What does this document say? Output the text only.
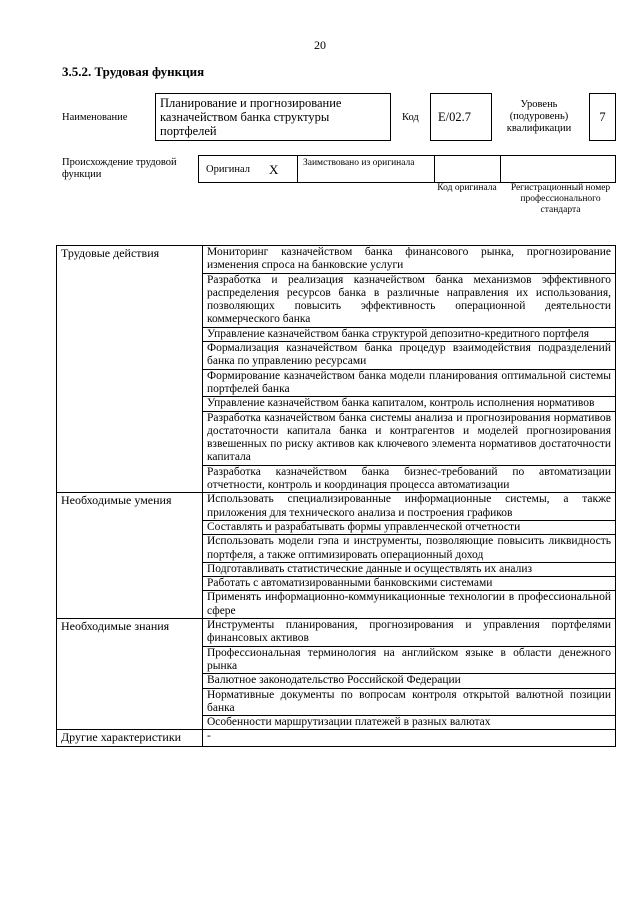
20
3.5.2. Трудовая функция
Наименование
Планирование и прогнозирование казначейством банка структуры портфелей
Код	E/02.7
Уровень (подуровень) квалификации
7
Происхождение трудовой функции	Оригинал X	Заимствовано из оригинала
Код оригинала	Регистрационный номер профессионального стандарта
Трудовые действия	Мониторинг казначейством банка финансового рынка, прогнозирование изменения спроса на банковские услуги
	Разработка и реализация казначейством банка механизмов эффективного распределения ресурсов банка в различные направления их использования, позволяющих повысить эффективность операционной деятельности коммерческого банка
	Управление казначейством банка структурой депозитно-кредитного портфеля
	Формализация казначейством банка процедур взаимодействия подразделений банка по управлению ресурсами
	Формирование казначейством банка модели планирования оптимальной системы портфелей банка
	Управление казначейством банка капиталом, контроль исполнения нормативов
	Разработка казначейством банка системы анализа и прогнозирования нормативов достаточности капитала банка и контрагентов и моделей прогнозирования взвешенных по риску активов как ключевого элемента нормативов достаточности капитала
	Разработка казначейством банка бизнес-требований по автоматизации отчетности, контроль и координация процесса автоматизации
Необходимые умения	Использовать специализированные информационные системы, а также приложения для технического анализа и построения графиков
	Составлять и разрабатывать формы управленческой отчетности
	Использовать модели гэпа и инструменты, позволяющие повысить ликвидность портфеля, а также оптимизировать операционный доход
	Подготавливать статистические данные и осуществлять их анализ
	Работать с автоматизированными банковскими системами
	Применять информационно-коммуникационные технологии в профессиональной сфере
Необходимые знания	Инструменты планирования, прогнозирования и управления портфелями финансовых активов
	Профессиональная терминология на английском языке в области денежного рынка
	Валютное законодательство Российской Федерации
	Нормативные документы по вопросам контроля открытой валютной позиции банка
	Особенности маршрутизации платежей в разных валютах
Другие характеристики	-
